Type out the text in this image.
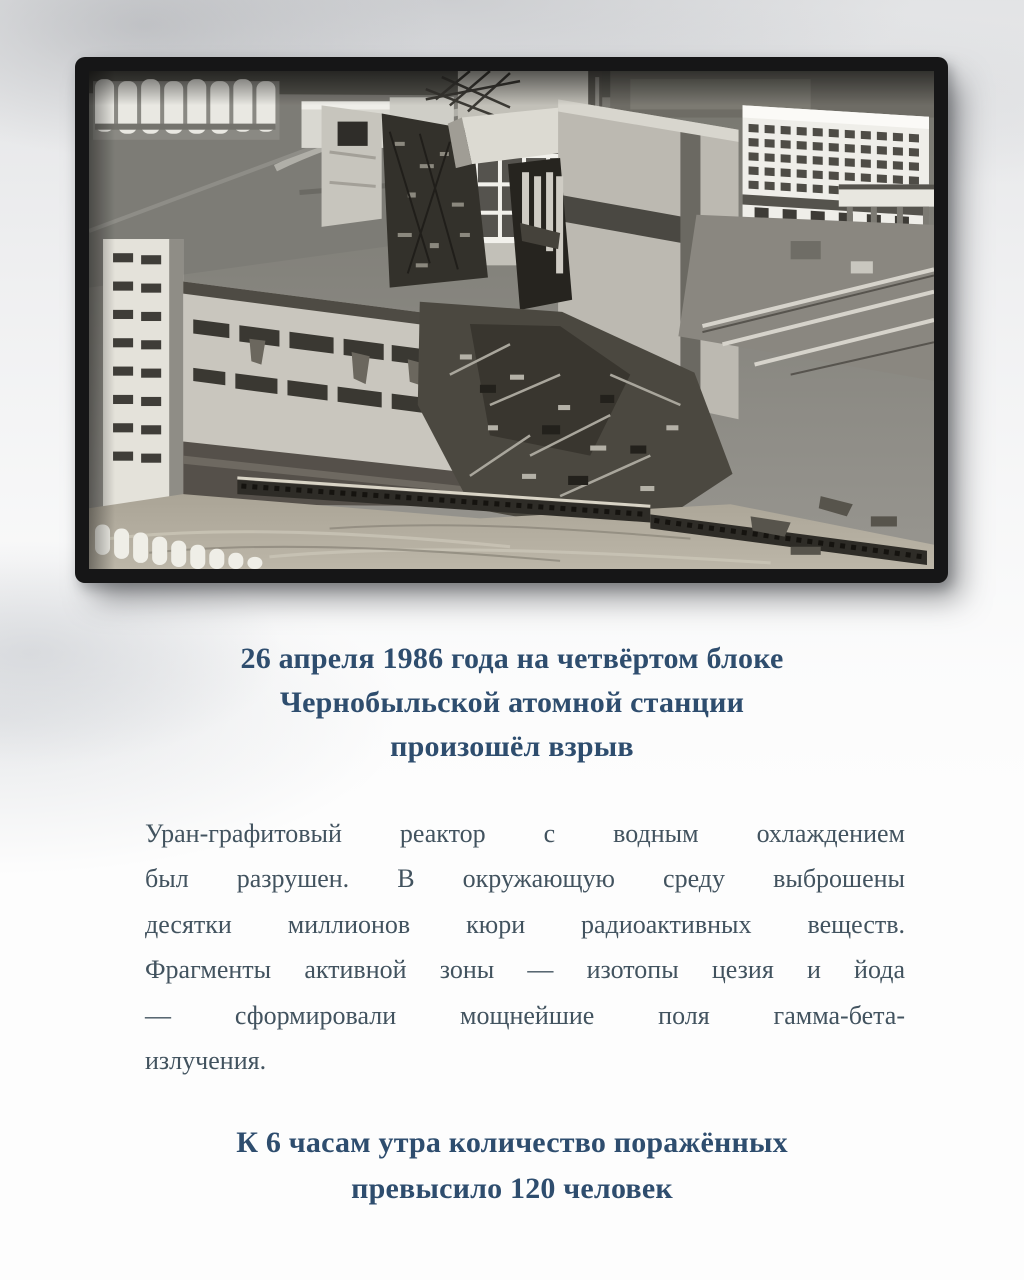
26 апреля 1986 года на четвёртом блоке
Чернобыльской атомной станции
произошёл взрыв
Уран-графитовый реактор с водным охлаждением
был разрушен. В окружающую среду выброшены
десятки миллионов кюри радиоактивных веществ.
Фрагменты активной зоны — изотопы цезия и йода
— сформировали мощнейшие поля гамма-бета-
излучения.
К 6 часам утра количество поражённых
превысило 120 человек
